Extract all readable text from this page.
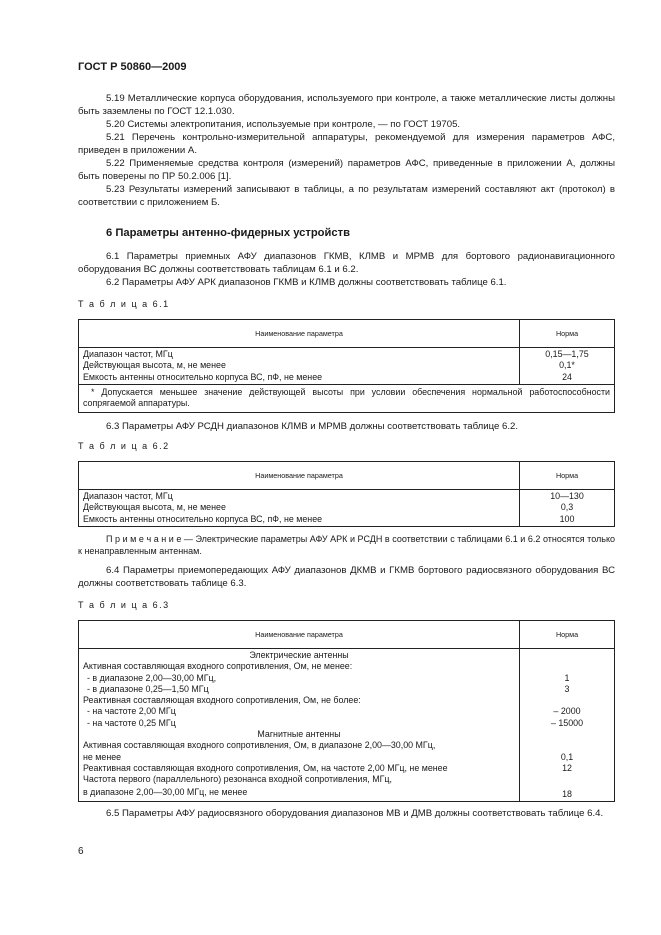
ГОСТ Р 50860—2009

5.19 Металлические корпуса оборудования, используемого при контроле, а также металлические листы должны быть заземлены по ГОСТ 12.1.030.

5.20 Системы электропитания, используемые при контроле, — по ГОСТ 19705.

5.21 Перечень контрольно-измерительной аппаратуры, рекомендуемой для измерения параметров АФС, приведен в приложении А.

5.22 Применяемые средства контроля (измерений) параметров АФС, приведенные в приложении А, должны быть поверены по ПР 50.2.006 [1].

5.23 Результаты измерений записывают в таблицы, а по результатам измерений составляют акт (протокол) в соответствии с приложением Б.

6 Параметры антенно-фидерных устройств

6.1 Параметры приемных АФУ диапазонов ГКМВ, КЛМВ и МРМВ для бортового радионавигационного оборудования ВС должны соответствовать таблицам 6.1 и 6.2.

6.2 Параметры АФУ АРК диапазонов ГКМВ и КЛМВ должны соответствовать таблице 6.1.

Т а б л и ц а 6.1
Наименование параметра	Норма
Диапазон частот, МГц	0,15—1,75
Действующая высота, м, не менее	0,1*
Емкость антенны относительно корпуса ВС, пФ, не менее	24
* Допускается меньшее значение действующей высоты при условии обеспечения нормальной работоспособности сопрягаемой аппаратуры.	

6.3 Параметры АФУ РСДН диапазонов КЛМВ и МРМВ должны соответствовать таблице 6.2.

Т а б л и ц а 6.2
Наименование параметра	Норма
Диапазон частот, МГц	10—130
Действующая высота, м, не менее	0,3
Емкость антенны относительно корпуса ВС, пФ, не менее	100
П р и м е ч а н и е — Электрические параметры АФУ АРК и РСДН в соответствии с таблицами 6.1 и 6.2 относятся только к ненаправленным антеннам.

6.4 Параметры приемопередающих АФУ диапазонов ДКМВ и ГКМВ бортового радиосвязного оборудования ВС должны соответствовать таблице 6.3.

Т а б л и ц а 6.3
Наименование параметра	Норма
Электрические антенны	
Активная составляющая входного сопротивления, Ом, не менее:	
- в диапазоне 2,00—30,00 МГц,	1
- в диапазоне 0,25—1,50 МГц	3
Реактивная составляющая входного сопротивления, Ом, не более:	
- на частоте 2,00 МГц	– 2000
- на частоте 0,25 МГц	– 15000
Магнитные антенны	
Активная составляющая входного сопротивления, Ом, в диапазоне 2,00—30,00 МГц,	
не менее	0,1
Реактивная составляющая входного сопротивления, Ом, на частоте 2,00 МГц, не менее	12
Частота первого (параллельного) резонанса входной сопротивления, МГц,	
в диапазоне 2,00—30,00 МГц, не менее	18

6.5 Параметры АФУ радиосвязного оборудования диапазонов МВ и ДМВ должны соответствовать таблице 6.4.

6
